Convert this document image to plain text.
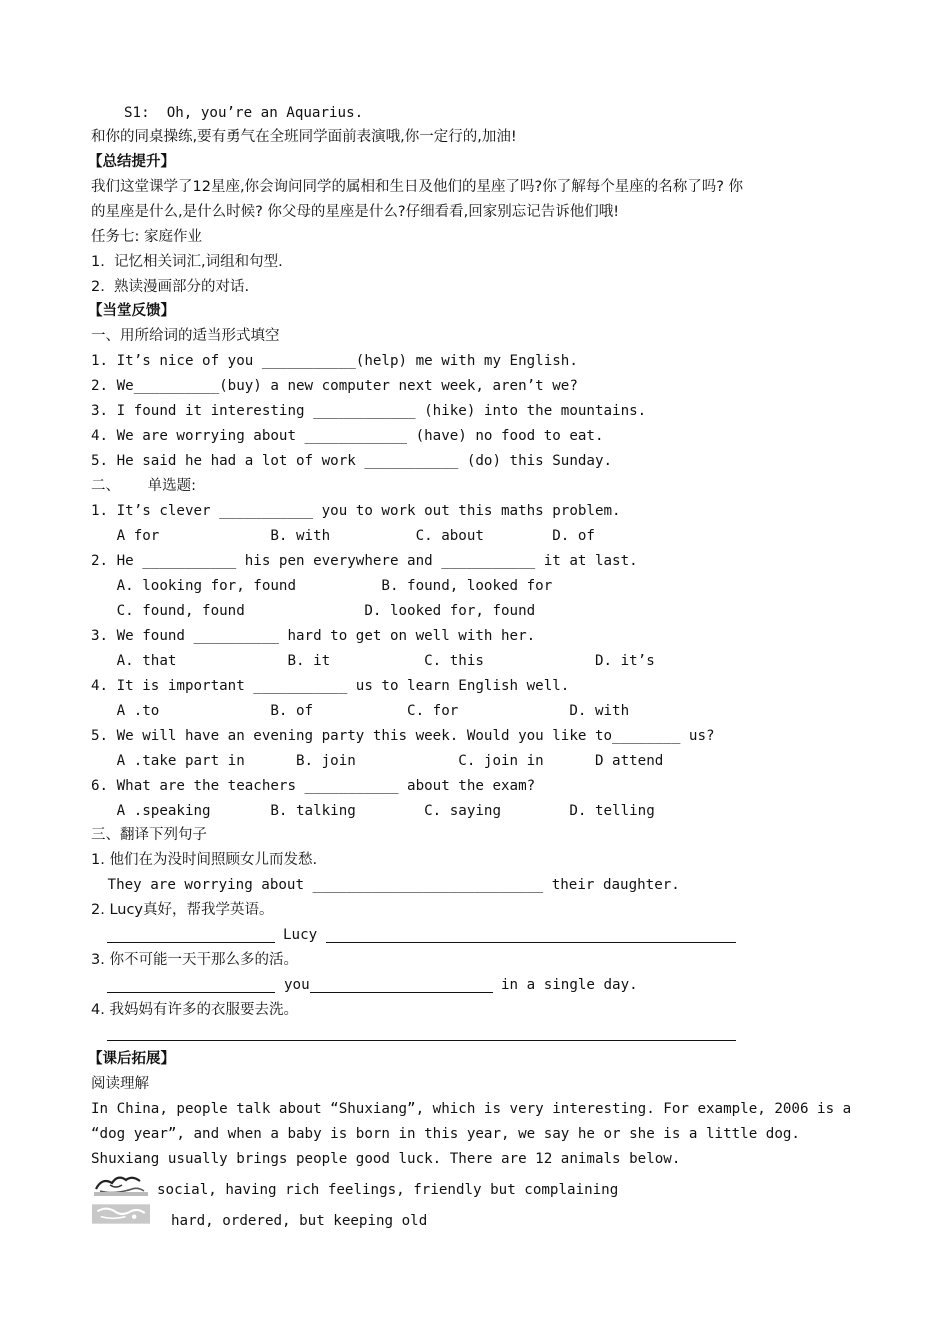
S1:  Oh, you’re an Aquarius.
和你的同桌操练,要有勇气在全班同学面前表演哦,你一定行的,加油!
【总结提升】
我们这堂课学了12星座,你会询问同学的属相和生日及他们的星座了吗?你了解每个星座的名称了吗? 你
的星座是什么,是什么时候? 你父母的星座是什么?仔细看看,回家别忘记告诉他们哦!
任务七: 家庭作业
1.  记忆相关词汇,词组和句型.
2.  熟读漫画部分的对话.
【当堂反馈】
一、用所给词的适当形式填空
1. It’s nice of you ___________(help) me with my English.
2. We__________(buy) a new computer next week, aren’t we?
3. I found it interesting ____________ (hike) into the mountains.
4. We are worrying about ____________ (have) no food to eat.
5. He said he had a lot of work ___________ (do) this Sunday.
二、      单选题:
1. It’s clever ___________ you to work out this maths problem.
A for             B. with          C. about        D. of
2. He ___________ his pen everywhere and ___________ it at last.
A. looking for, found          B. found, looked for
C. found, found              D. looked for, found
3. We found __________ hard to get on well with her.
A. that             B. it           C. this             D. it’s
4. It is important ___________ us to learn English well.
A .to             B. of           C. for             D. with
5. We will have an evening party this week. Would you like to________ us?
A .take part in      B. join            C. join in      D attend
6. What are the teachers ___________ about the exam?
A .speaking       B. talking        C. saying        D. telling
三、翻译下列句子
1. 他们在为没时间照顾女儿而发愁.
They are worrying about ___________________________ their daughter.
2. Lucy真好，帮我学英语。
Lucy
3. 你不可能一天干那么多的活。
you	in a single day.
4. 我妈妈有许多的衣服要去洗。
【课后拓展】
阅读理解
In China, people talk about “Shuxiang”, which is very interesting. For example, 2006 is a
“dog year”, and when a baby is born in this year, we say he or she is a little dog.
Shuxiang usually brings people good luck. There are 12 animals below.
social, having rich feelings, friendly but complaining
hard, ordered, but keeping old
